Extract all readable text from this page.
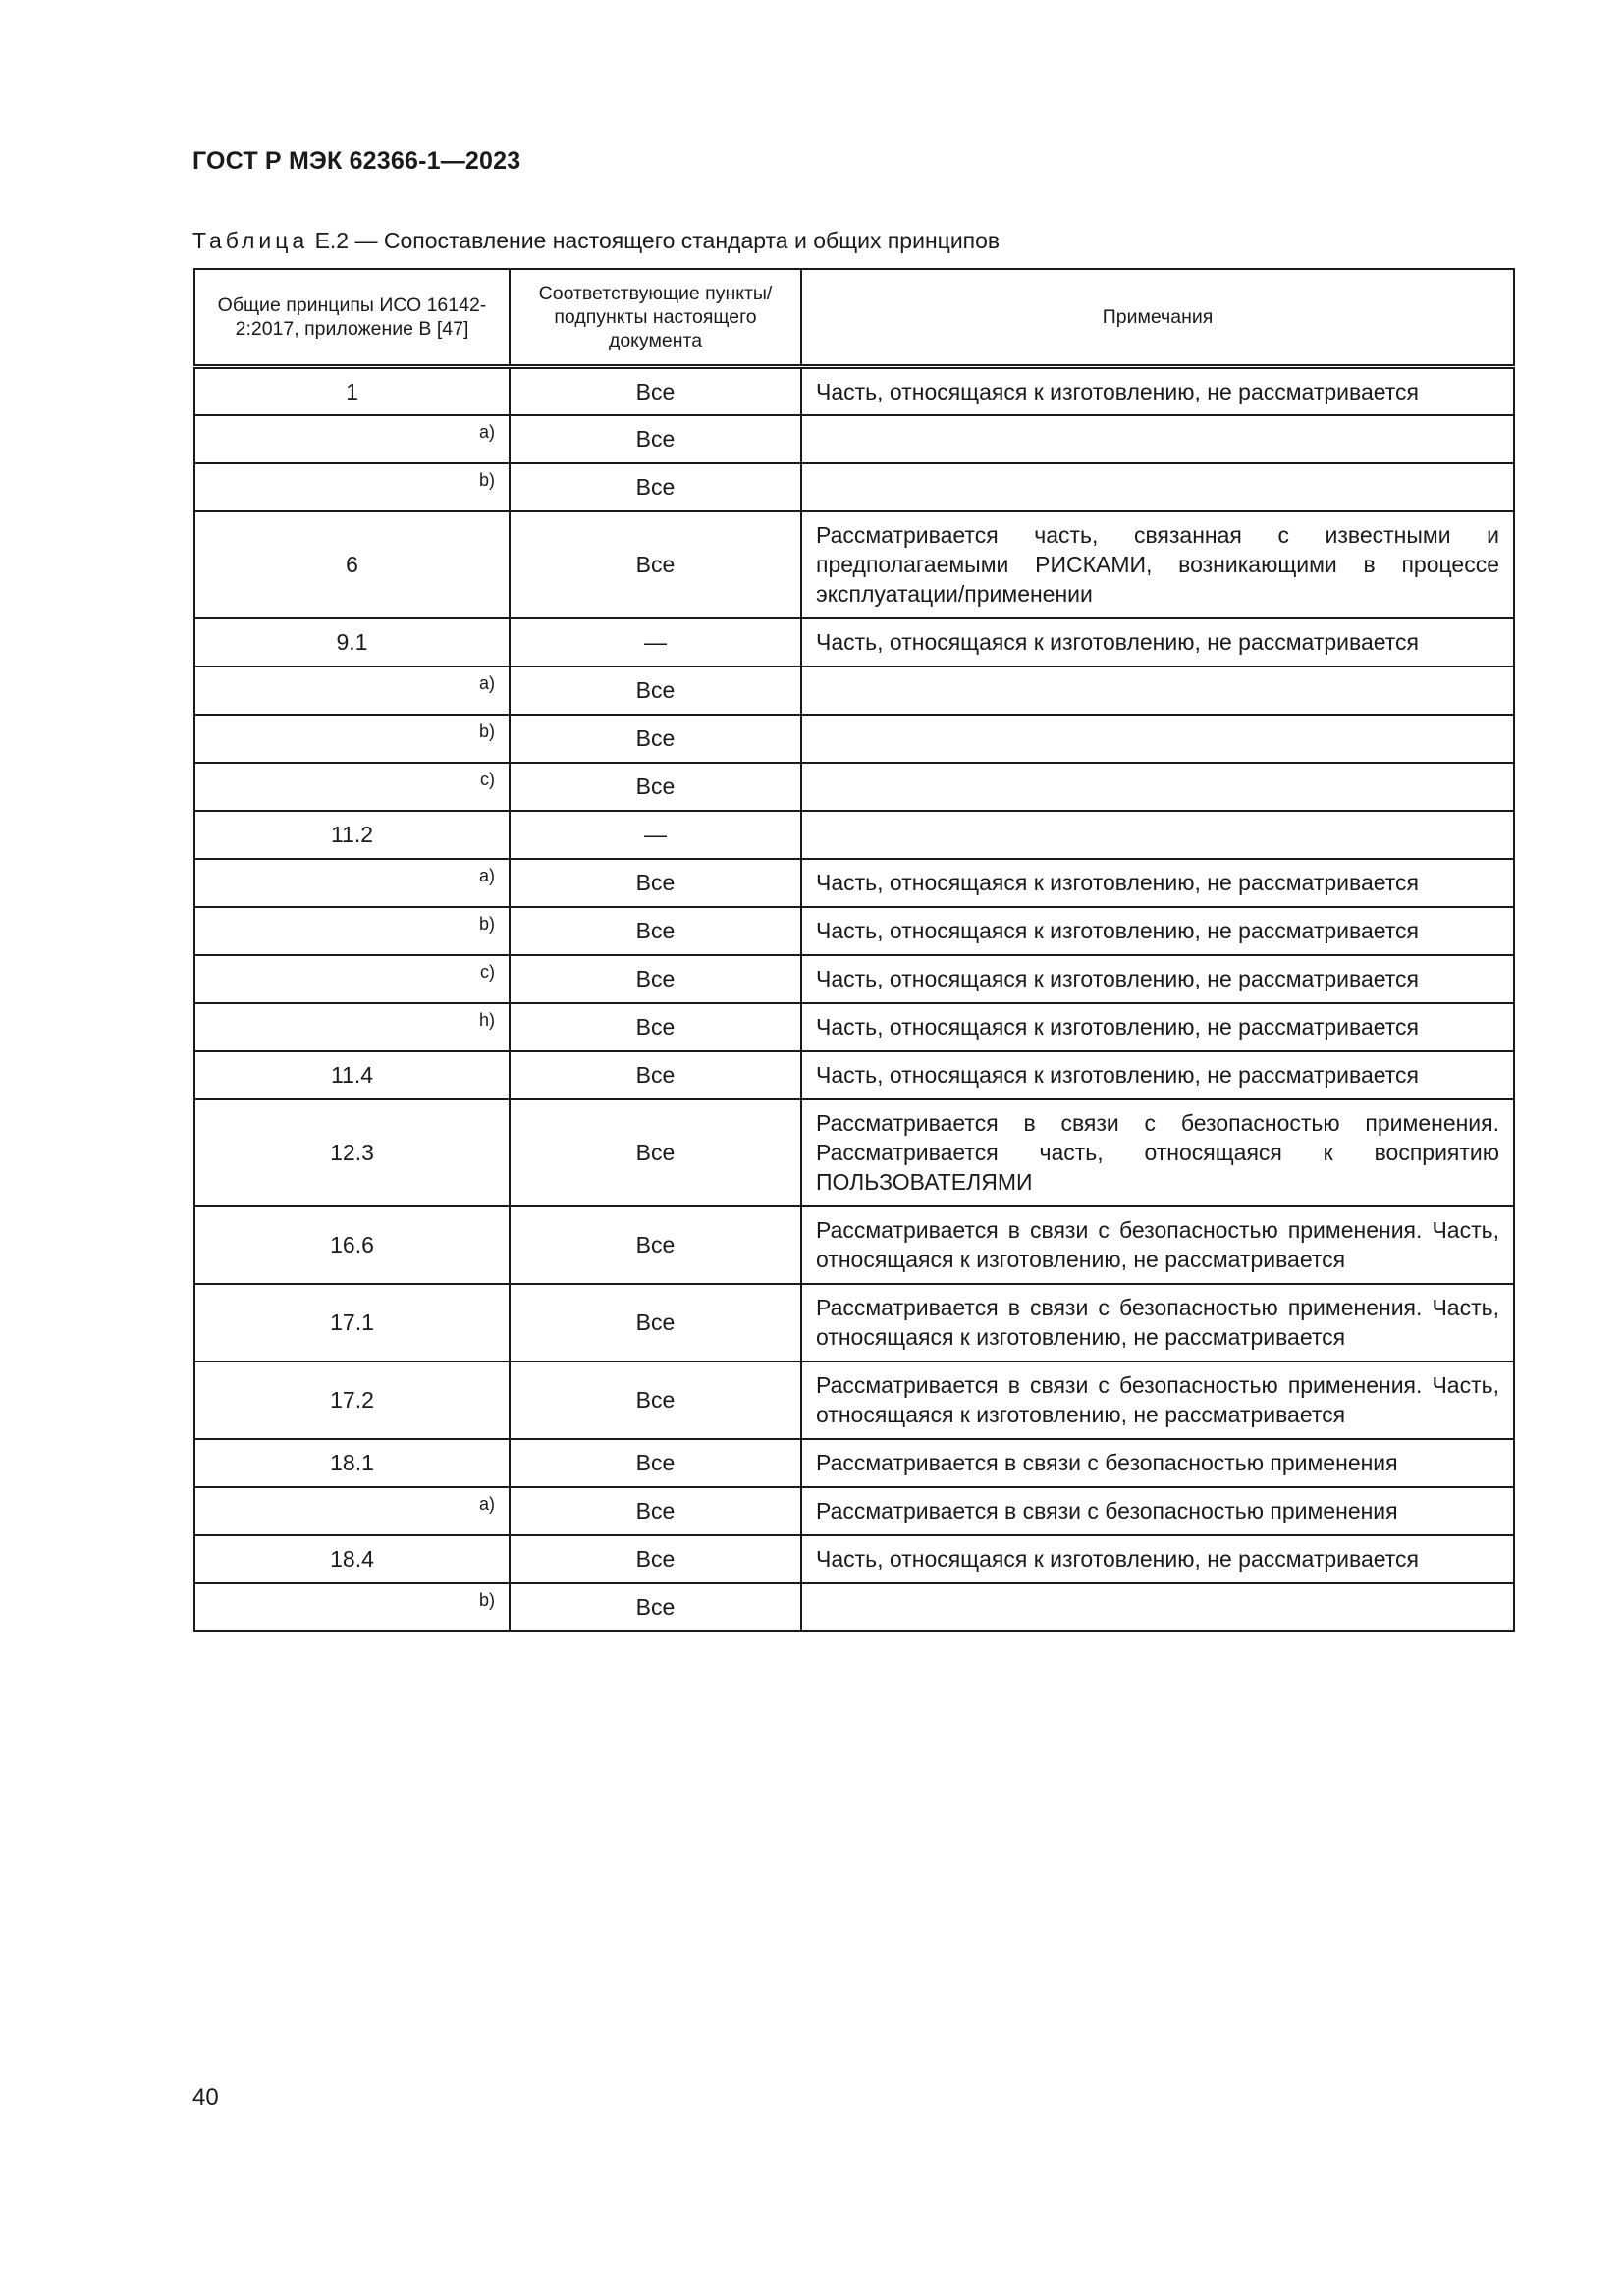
ГОСТ Р МЭК 62366-1—2023
Таблица Е.2 — Сопоставление настоящего стандарта и общих принципов
Общие принципы ИСО 16142-2:2017, приложение В [47]	Соответствующие пункты/подпункты настоящего документа	Примечания
1	Все	Часть, относящаяся к изготовлению, не рассматривается
a)	Все	
b)	Все	
6	Все	Рассматривается часть, связанная с известными и предполагаемыми РИСКАМИ, возникающими в процессе эксплуатации/применении
9.1	—	Часть, относящаяся к изготовлению, не рассматривается
a)	Все	
b)	Все	
c)	Все	
11.2	—	
a)	Все	Часть, относящаяся к изготовлению, не рассматривается
b)	Все	Часть, относящаяся к изготовлению, не рассматривается
c)	Все	Часть, относящаяся к изготовлению, не рассматривается
h)	Все	Часть, относящаяся к изготовлению, не рассматривается
11.4	Все	Часть, относящаяся к изготовлению, не рассматривается
12.3	Все	Рассматривается в связи с безопасностью применения. Рассматривается часть, относящаяся к восприятию ПОЛЬЗОВАТЕЛЯМИ
16.6	Все	Рассматривается в связи с безопасностью применения. Часть, относящаяся к изготовлению, не рассматривается
17.1	Все	Рассматривается в связи с безопасностью применения. Часть, относящаяся к изготовлению, не рассматривается
17.2	Все	Рассматривается в связи с безопасностью применения. Часть, относящаяся к изготовлению, не рассматривается
18.1	Все	Рассматривается в связи с безопасностью применения
a)	Все	Рассматривается в связи с безопасностью применения
18.4	Все	Часть, относящаяся к изготовлению, не рассматривается
b)	Все	
40
